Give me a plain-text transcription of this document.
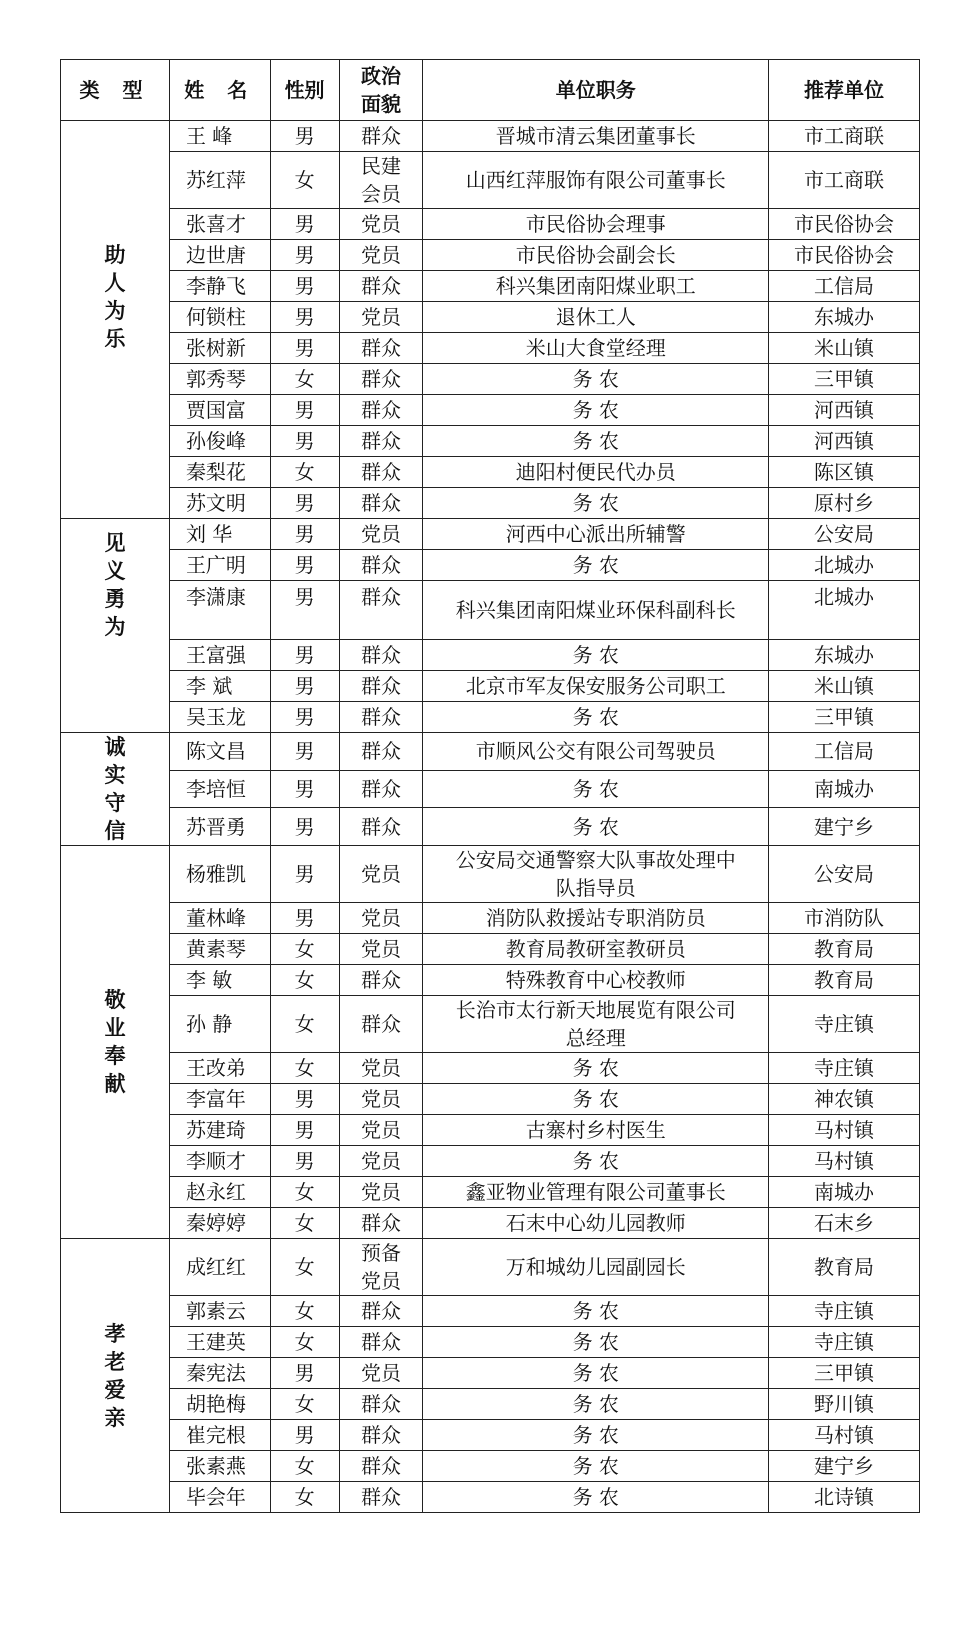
类 型	姓 名	性别	政治面貌	单位职务	推荐单位
助人为乐	王 峰	男	群众	晋城市清云集团董事长	市工商联
	苏红萍	女	民建会员	山西红萍服饰有限公司董事长	市工商联
	张喜才	男	党员	市民俗协会理事	市民俗协会
	边世唐	男	党员	市民俗协会副会长	市民俗协会
	李静飞	男	群众	科兴集团南阳煤业职工	工信局
	何锁柱	男	党员	退休工人	东城办
	张树新	男	群众	米山大食堂经理	米山镇
	郭秀琴	女	群众	务 农	三甲镇
	贾国富	男	群众	务 农	河西镇
	孙俊峰	男	群众	务 农	河西镇
	秦梨花	女	群众	迪阳村便民代办员	陈区镇
	苏文明	男	群众	务 农	原村乡
见义勇为	刘 华	男	党员	河西中心派出所辅警	公安局
	王广明	男	群众	务 农	北城办
	李潇康	男	群众	科兴集团南阳煤业环保科副科长	北城办
	王富强	男	群众	务 农	东城办
	李 斌	男	群众	北京市军友保安服务公司职工	米山镇
	吴玉龙	男	群众	务 农	三甲镇
诚实守信	陈文昌	男	群众	市顺风公交有限公司驾驶员	工信局
	李培恒	男	群众	务 农	南城办
	苏晋勇	男	群众	务 农	建宁乡
敬业奉献	杨雅凯	男	党员	公安局交通警察大队事故处理中队指导员	公安局
	董林峰	男	党员	消防队救援站专职消防员	市消防队
	黄素琴	女	党员	教育局教研室教研员	教育局
	李 敏	女	群众	特殊教育中心校教师	教育局
	孙 静	女	群众	长治市太行新天地展览有限公司总经理	寺庄镇
	王改弟	女	党员	务 农	寺庄镇
	李富年	男	党员	务 农	神农镇
	苏建琦	男	党员	古寨村乡村医生	马村镇
	李顺才	男	党员	务 农	马村镇
	赵永红	女	党员	鑫亚物业管理有限公司董事长	南城办
	秦婷婷	女	群众	石末中心幼儿园教师	石末乡
孝老爱亲	成红红	女	预备党员	万和城幼儿园副园长	教育局
	郭素云	女	群众	务 农	寺庄镇
	王建英	女	群众	务 农	寺庄镇
	秦宪法	男	党员	务 农	三甲镇
	胡艳梅	女	群众	务 农	野川镇
	崔完根	男	群众	务 农	马村镇
	张素燕	女	群众	务 农	建宁乡
	毕会年	女	群众	务 农	北诗镇
